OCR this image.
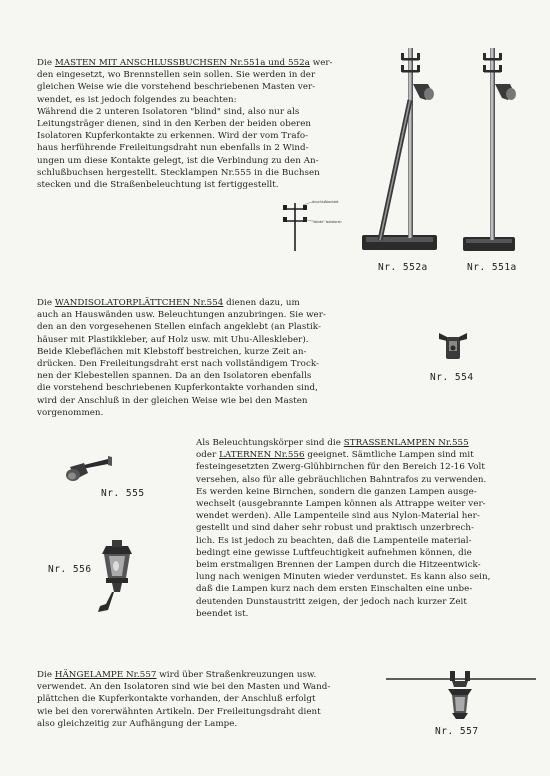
Die MASTEN MIT ANSCHLUSSBUCHSEN Nr.551a und 552a wer-

den eingesetzt, wo Brennstellen sein sollen. Sie werden in der

gleichen Weise wie die vorstehend beschriebenen Masten ver-

wendet, es ist jedoch folgendes zu beachten:

Während die 2 unteren Isolatoren "blind" sind, also nur als

Leitungsträger dienen, sind in den Kerben der beiden oberen

Isolatoren Kupferkontakte zu erkennen. Wird der vom Trafo-

haus herführende Freileitungsdraht nun ebenfalls in 2 Wind-

ungen um diese Kontakte gelegt, ist die Verbindung zu den An-

schlußbuchsen hergestellt. Stecklampen Nr.555 in die Buchsen

stecken und die Straßenbeleuchtung ist fertiggestellt.

Anschlußkontakt
"blinde" Isolatoren
Nr. 552a	Nr. 551a

Die WANDISOLATORPLÄTTCHEN Nr.554 dienen dazu, um

auch an Hauswänden usw. Beleuchtungen anzubringen. Sie wer-

den an den vorgesehenen Stellen einfach angeklebt (an Plastik-

häuser mit Plastikkleber, auf Holz usw. mit Uhu-Alleskleber).

Beide Klebeflächen mit Klebstoff bestreichen, kurze Zeit an-

drücken. Den Freileitungsdraht erst nach vollständigem Trock-

nen der Klebestellen spannen. Da an den Isolatoren ebenfalls

die vorstehend beschriebenen Kupferkontakte vorhanden sind,

wird der Anschluß in der gleichen Weise wie bei den Masten

vorgenommen.

Nr. 554

Als Beleuchtungskörper sind die STRASSENLAMPEN Nr.555

oder LATERNEN Nr.556 geeignet. Sämtliche Lampen sind mit

festeingesetzten Zwerg-Glühbirnchen für den Bereich 12-16 Volt

versehen, also für alle gebräuchlichen Bahntrafos zu verwenden.

Es werden keine Birnchen, sondern die ganzen Lampen ausge-

wechselt (ausgebrannte Lampen können als Attrappe weiter ver-

wendet werden). Alle Lampenteile sind aus Nylon-Material her-

gestellt und sind daher sehr robust und praktisch unzerbrech-

lich. Es ist jedoch zu beachten, daß die Lampenteile material-

bedingt eine gewisse Luftfeuchtigkeit aufnehmen können, die

beim erstmaligen Brennen der Lampen durch die Hitzeentwick-

lung nach wenigen Minuten wieder verdunstet. Es kann also sein,

daß die Lampen kurz nach dem ersten Einschalten eine unbe-

deutenden Dunstaustritt zeigen, der jedoch nach kurzer Zeit

beendet ist.

Nr. 555
Nr. 556

Die HÄNGELAMPE Nr.557 wird über Straßenkreuzungen usw.

verwendet. An den Isolatoren sind wie bei den Masten und Wand-

plättchen die Kupferkontakte vorhanden, der Anschluß erfolgt

wie bei den vorerwähnten Artikeln. Der Freileitungsdraht dient

also gleichzeitig zur Aufhängung der Lampe.

Nr. 557
